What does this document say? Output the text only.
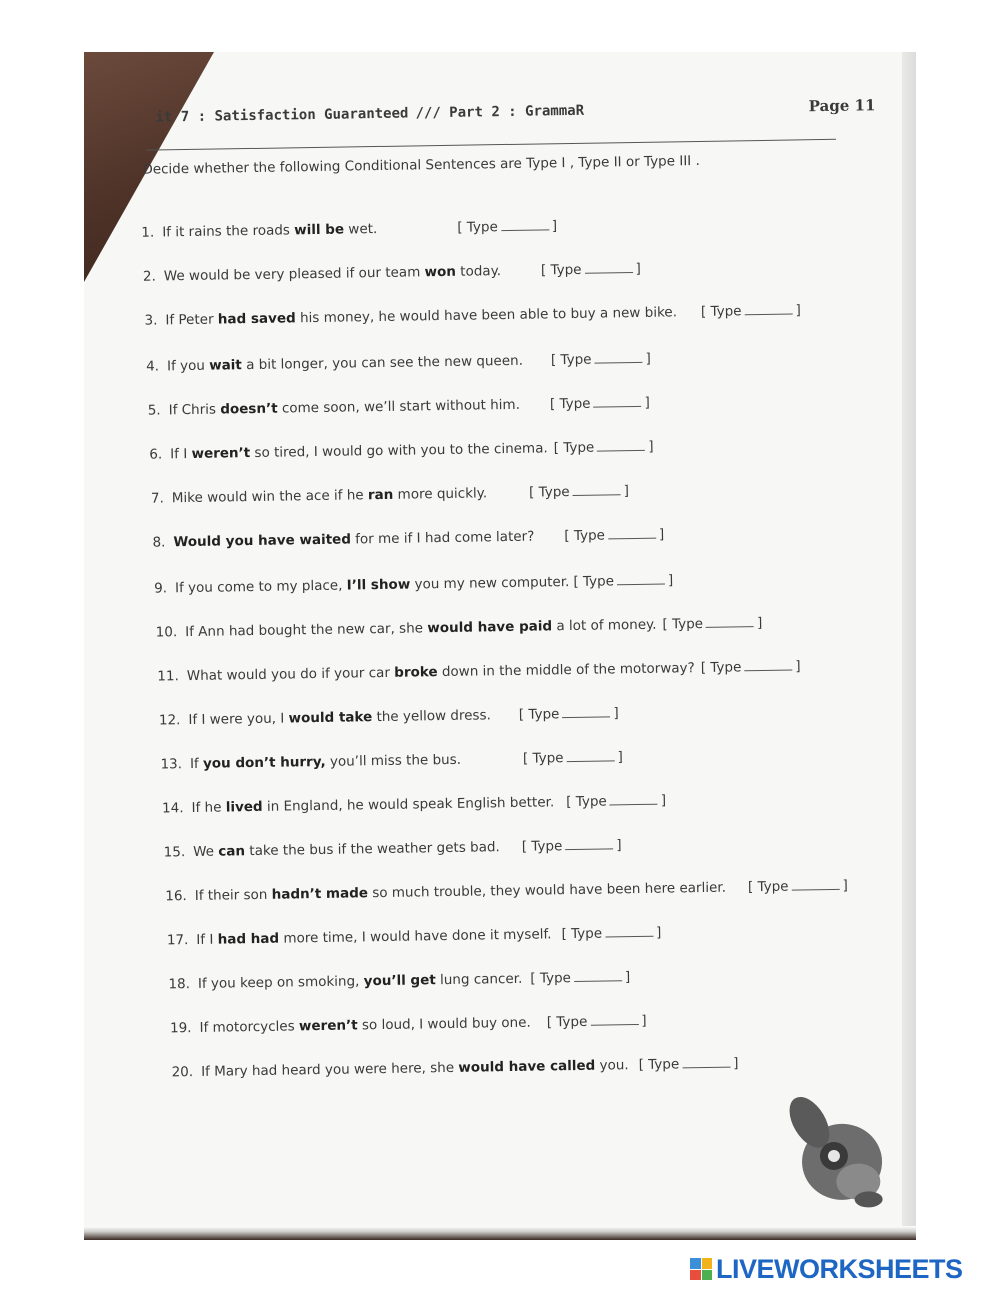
it 7 : Satisfaction Guaranteed /// Part 2 : GrammaR	Page 11
Decide whether the following Conditional Sentences are Type I , Type II or Type III .
1. If it rains the roads will be wet.	[ Type	]
2. We would be very pleased if our team won today.	[ Type	]
3. If Peter had saved his money, he would have been able to buy a new bike. [ Type	]
4. If you wait a bit longer, you can see the new queen. [ Type	]
5. If Chris doesn’t come soon, we’ll start without him. [ Type	]
6. If I weren’t so tired, I would go with you to the cinema. [ Type	]
7. Mike would win the ace if he ran more quickly.	[ Type	]
8. Would you have waited for me if I had come later? [ Type	]
9. If you come to my place, I’ll show you my new computer. [ Type	]
10. If Ann had bought the new car, she would have paid a lot of money. [ Type	]
11. What would you do if your car broke down in the middle of the motorway? [ Type	]
12. If I were you, I would take the yellow dress. [ Type	]
13. If you don’t hurry, you’ll miss the bus.	[ Type	]
14. If he lived in England, he would speak English better. [ Type	]
15. We can take the bus if the weather gets bad. [ Type	]
16. If their son hadn’t made so much trouble, they would have been here earlier. [ Type	]
17. If I had had more time, I would have done it myself. [ Type	]
18. If you keep on smoking, you’ll get lung cancer. [ Type	]
19. If motorcycles weren’t so loud, I would buy one. [ Type	]
20. If Mary had heard you were here, she would have called you. [ Type	]
LIVEWORKSHEETS
